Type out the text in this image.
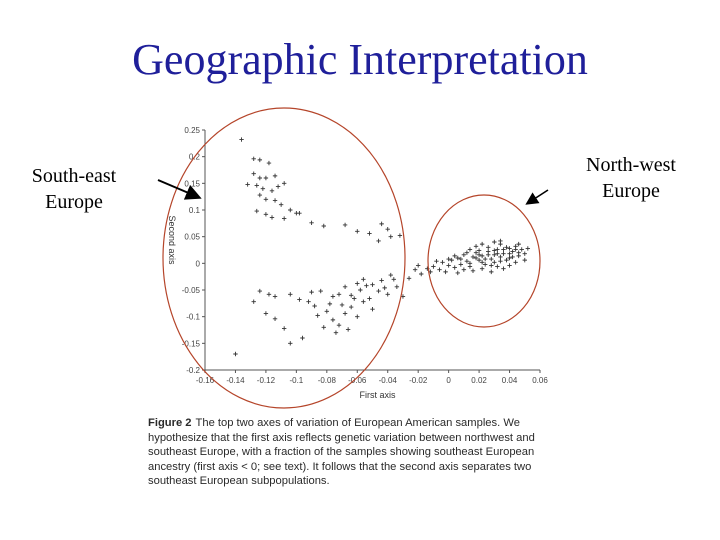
Geographic Interpretation
South-east
Europe
North-west
Europe
-0.16 -0.14 -0.12 -0.1 -0.08 -0.06 -0.04 -0.02 0	0.02 0.04 0.06
0.25
0.2
0.15
0.1
0.05
0
-0.05
-0.1
-0.15
-0.2
First axis
Second axis
Figure 2 The top two axes of variation of European American samples. We hypothesize that the first axis reflects genetic variation between northwest and southeast Europe, with a fraction of the samples showing southeast European ancestry (first axis < 0; see text). It follows that the second axis separates two southeast European subpopulations.
